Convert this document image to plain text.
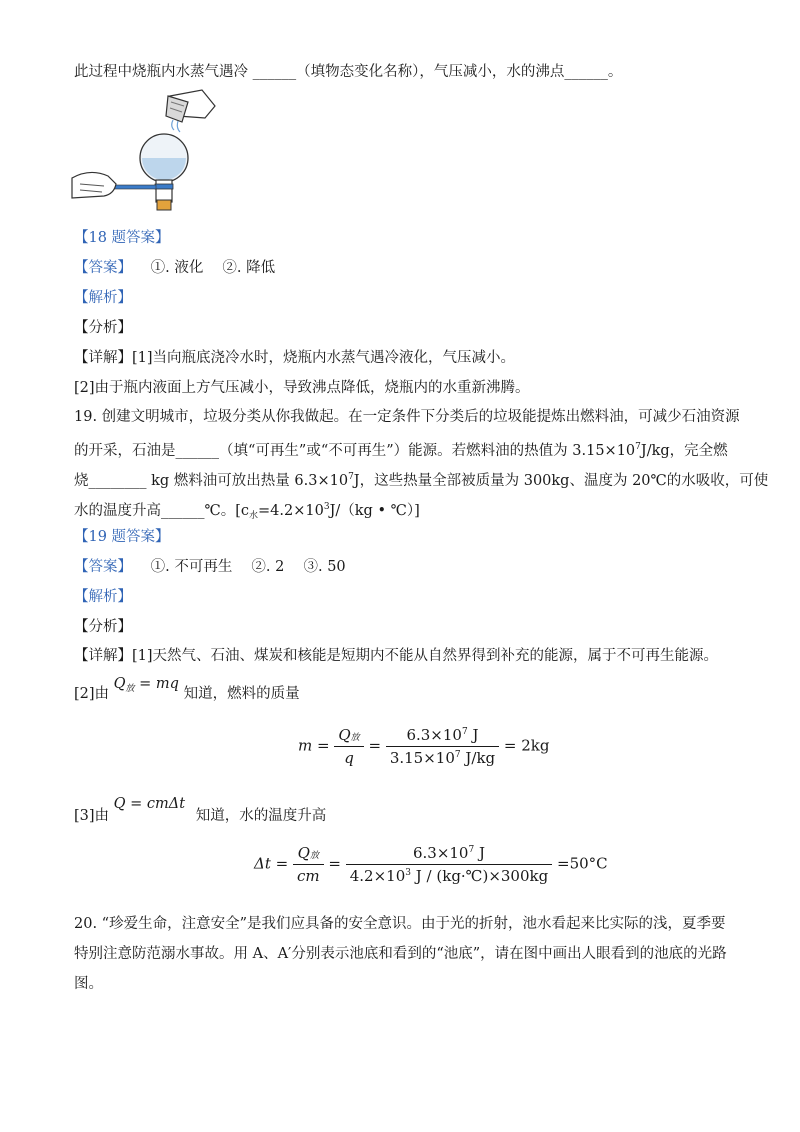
此过程中烧瓶内水蒸气遇冷 ______（填物态变化名称），气压减小，水的沸点______。
【18 题答案】
【答案】 ①. 液化　 ②. 降低
【解析】
【分析】
【详解】[1]当向瓶底浇冷水时，烧瓶内水蒸气遇冷液化，气压减小。
[2]由于瓶内液面上方气压减小，导致沸点降低，烧瓶内的水重新沸腾。
19. 创建文明城市，垃圾分类从你我做起。在一定条件下分类后的垃圾能提炼出燃料油，可减少石油资源
的开采，石油是______（填“可再生”或“不可再生”）能源。若燃料油的热值为 $3.15\times 10^7J/kg$，完全燃
烧________ kg 燃料油可放出热量 $6.3\times 10^7J$，这些热量全部被质量为 300kg、温度为 20℃的水吸收，可使
水的温度升高______℃。[$c_水=4.2\times 10^3J/(kg$ • ℃）]
【19 题答案】
【答案】 ①. 不可再生　 ②. 2　 ③. 50
【解析】
【分析】
【详解】[1]天然气、石油、煤炭和核能是短期内不能从自然界得到补充的能源，属于不可再生能源。
[2]由 $Q_放$ = mq 知道，燃料的质量
$m = \frac{\text{Q放}}{q} = \frac{6.3\times 10^7 J}{3.15\times 10^7 J/kg} = 2kg$
[3]由 Q = cmΔt 知道，水的温度升高
$\Delta t = \frac{\text{Q放}}{cm} = \frac{6.3\times 10^7 J}{4.2\times 10^3 J / (kg\cdot℃)\times 300kg} =50^\circ C$
20. “珍爱生命，注意安全”是我们应具备的安全意识。由于光的折射，池水看起来比实际的浅，夏季要
特别注意防范溺水事故。用 A、A′分别表示池底和看到的“池底”，请在图中画出人眼看到的池底的光路
图。
